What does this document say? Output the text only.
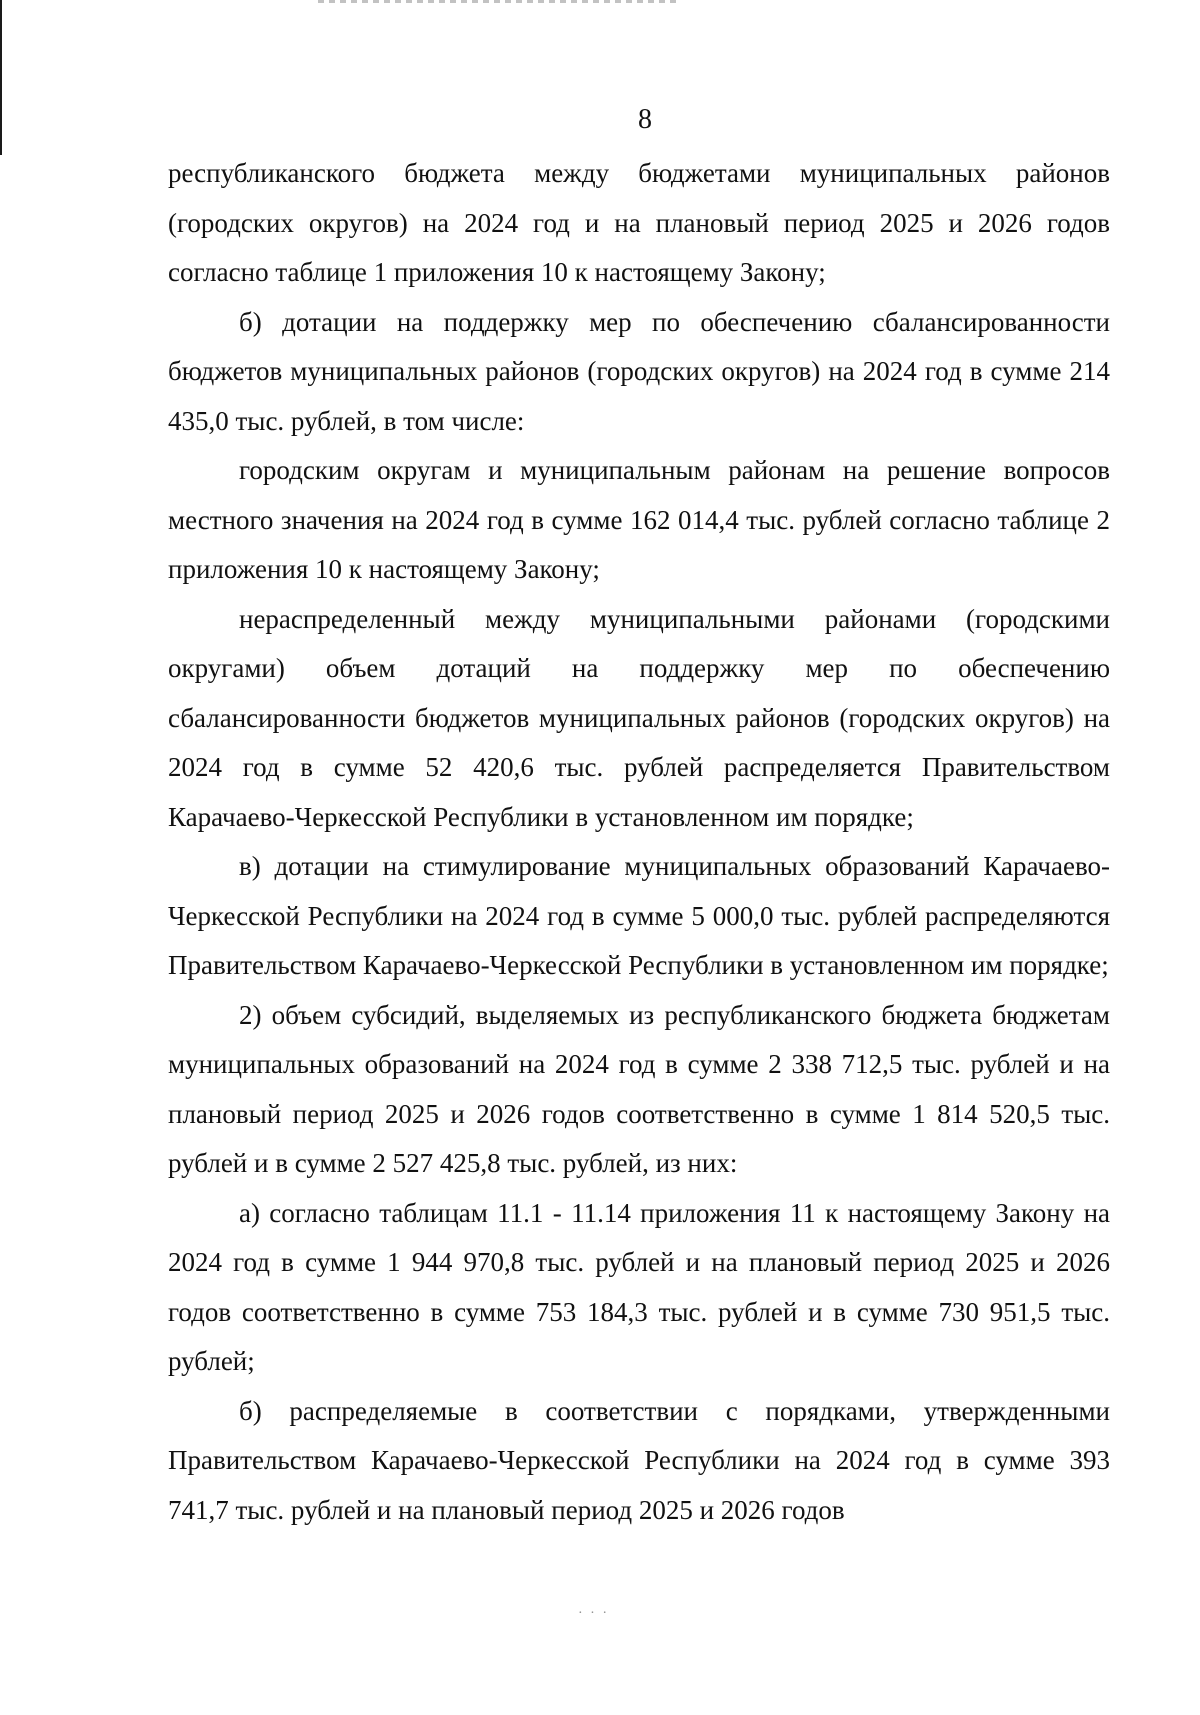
8

республиканского бюджета между бюджетами муниципальных районов (городских округов) на 2024 год и на плановый период 2025 и 2026 годов согласно таблице 1 приложения 10 к настоящему Закону;

б) дотации на поддержку мер по обеспечению сбалансированности бюджетов муниципальных районов (городских округов) на 2024 год в сумме 214 435,0 тыс. рублей, в том числе:

городским округам и муниципальным районам на решение вопросов местного значения на 2024 год в сумме 162 014,4 тыс. рублей согласно таблице 2 приложения 10 к настоящему Закону;

нераспределенный между муниципальными районами (городскими округами) объем дотаций на поддержку мер по обеспечению сбалансированности бюджетов муниципальных районов (городских округов) на 2024 год в сумме 52 420,6 тыс. рублей распределяется Правительством Карачаево-Черкесской Республики в установленном им порядке;

в) дотации на стимулирование муниципальных образований Карачаево-Черкесской Республики на 2024 год в сумме 5 000,0 тыс. рублей распределяются Правительством Карачаево-Черкесской Республики в установленном им порядке;

2) объем субсидий, выделяемых из республиканского бюджета бюджетам муниципальных образований на 2024 год в сумме 2 338 712,5 тыс. рублей и на плановый период 2025 и 2026 годов соответственно в сумме 1 814 520,5 тыс. рублей и в сумме 2 527 425,8 тыс. рублей, из них:

а) согласно таблицам 11.1 - 11.14 приложения 11 к настоящему Закону на 2024 год в сумме 1 944 970,8 тыс. рублей и на плановый период 2025 и 2026 годов соответственно в сумме 753 184,3 тыс. рублей и в сумме 730 951,5 тыс. рублей;

б) распределяемые в соответствии с порядками, утвержденными Правительством Карачаево-Черкесской Республики на 2024 год в сумме 393 741,7 тыс. рублей и на плановый период 2025 и 2026 годов

· · ·
